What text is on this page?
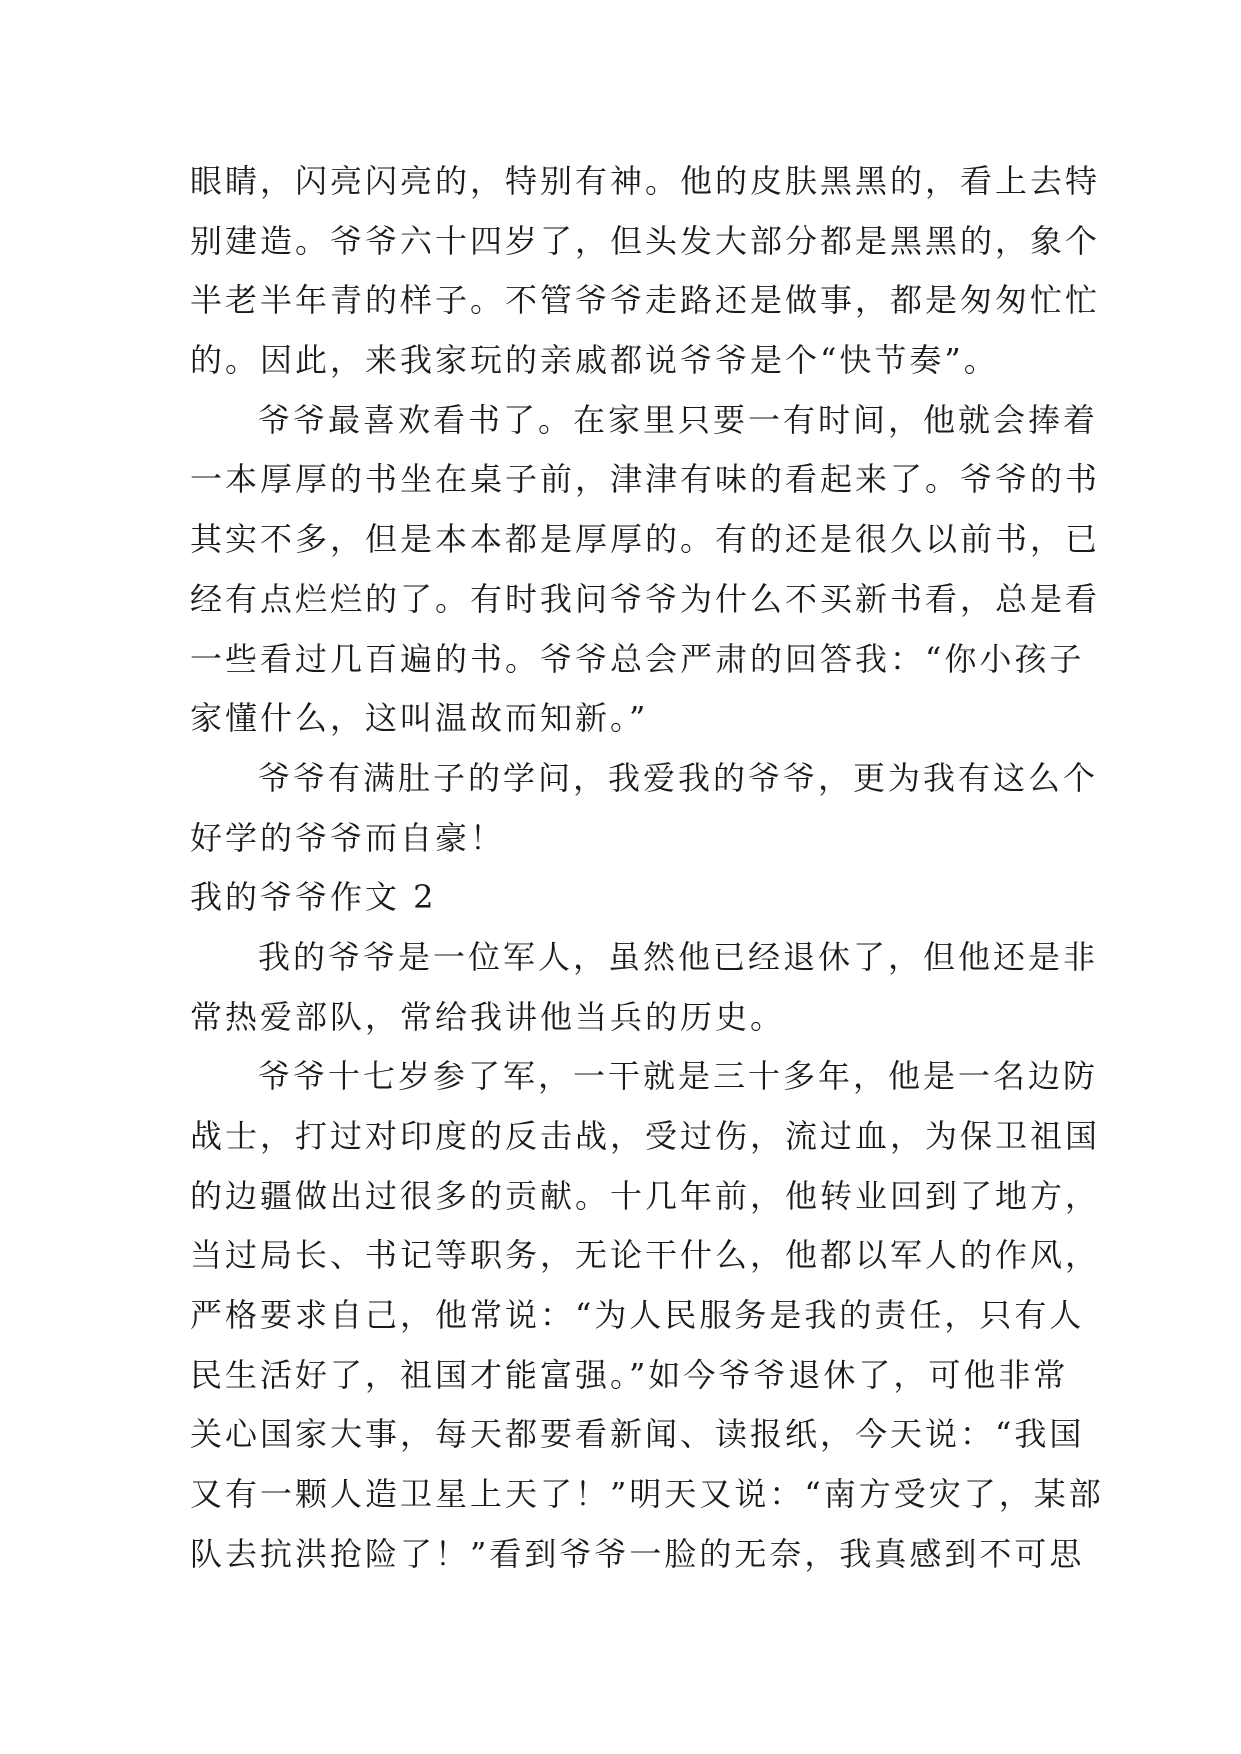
眼睛，闪亮闪亮的，特别有神。他的皮肤黑黑的，看上去特
别建造。爷爷六十四岁了，但头发大部分都是黑黑的，象个
半老半年青的样子。不管爷爷走路还是做事，都是匆匆忙忙
的。因此，来我家玩的亲戚都说爷爷是个“快节奏”。
爷爷最喜欢看书了。在家里只要一有时间，他就会捧着
一本厚厚的书坐在桌子前，津津有味的看起来了。爷爷的书
其实不多，但是本本都是厚厚的。有的还是很久以前书，已
经有点烂烂的了。有时我问爷爷为什么不买新书看，总是看
一些看过几百遍的书。爷爷总会严肃的回答我：“你小孩子
家懂什么，这叫温故而知新。”
爷爷有满肚子的学问，我爱我的爷爷，更为我有这么个
好学的爷爷而自豪！
我的爷爷作文 2
我的爷爷是一位军人，虽然他已经退休了，但他还是非
常热爱部队，常给我讲他当兵的历史。
爷爷十七岁参了军，一干就是三十多年，他是一名边防
战士，打过对印度的反击战，受过伤，流过血，为保卫祖国
的边疆做出过很多的贡献。十几年前，他转业回到了地方，
当过局长、书记等职务，无论干什么，他都以军人的作风，
严格要求自己，他常说：“为人民服务是我的责任，只有人
民生活好了，祖国才能富强。”如今爷爷退休了，可他非常
关心国家大事，每天都要看新闻、读报纸，今天说：“我国
又有一颗人造卫星上天了！”明天又说：“南方受灾了，某部
队去抗洪抢险了！”看到爷爷一脸的无奈，我真感到不可思
